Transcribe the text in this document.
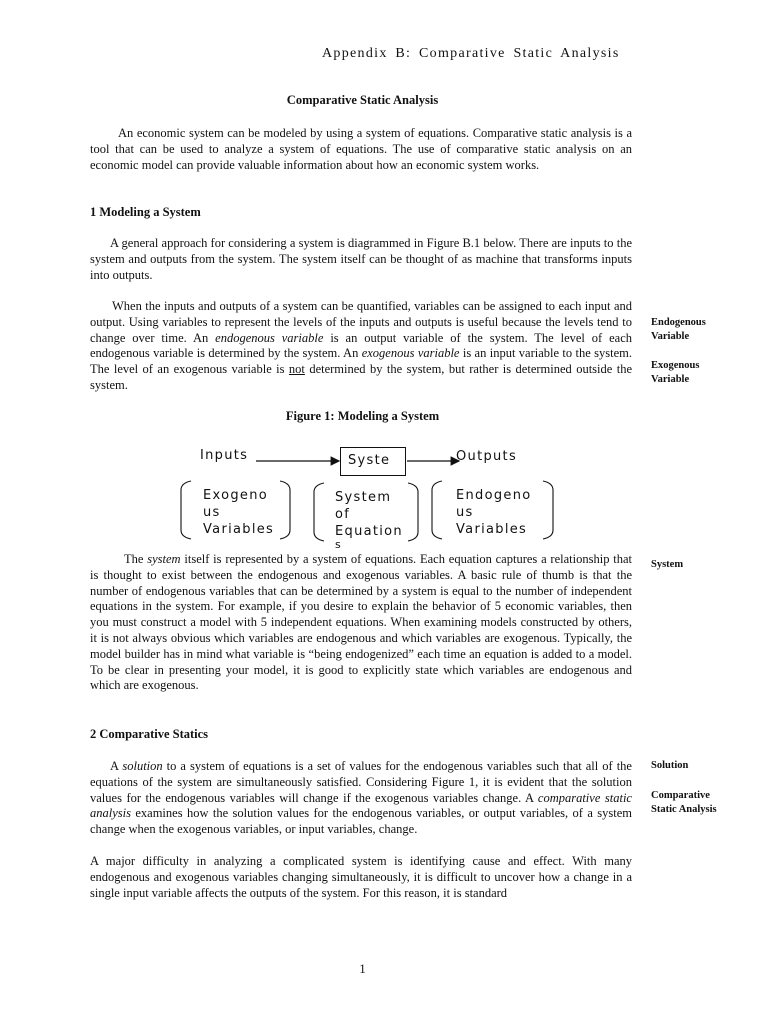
Appendix B: Comparative Static Analysis
Comparative Static Analysis

An economic system can be modeled by using a system of equations. Comparative static analysis is a tool that can be used to analyze a system of equations. The use of comparative static analysis on an economic model can provide valuable information about how an economic system works.

1 Modeling a System

A general approach for considering a system is diagrammed in Figure B.1 below. There are inputs to the system and outputs from the system. The system itself can be thought of as machine that transforms inputs into outputs.

When the inputs and outputs of a system can be quantified, variables can be assigned to each input and output. Using variables to represent the levels of the inputs and outputs is useful because the levels tend to change over time. An endogenous variable is an output variable of the system. The level of each endogenous variable is determined by the system. An exogenous variable is an input variable to the system. The level of an exogenous variable is not determined by the system, but rather is determined outside the system.

Endogenous
Variable
Exogenous
Variable
Figure 1: Modeling a System
Inputs	Syste	Outputs
Exogeno
us
Variables
System
of
Equation
s
Endogeno
us
Variables

The system itself is represented by a system of equations. Each equation captures a relationship that is thought to exist between the endogenous and exogenous variables. A basic rule of thumb is that the number of endogenous variables that can be determined by a system is equal to the number of independent equations in the system. For example, if you desire to explain the behavior of 5 economic variables, then you must construct a model with 5 independent equations. When examining models constructed by others, it is not always obvious which variables are endogenous and which variables are exogenous. Typically, the model builder has in mind what variable is “being endogenized” each time an equation is added to a model. To be clear in presenting your model, it is good to explicitly state which variables are endogenous and which are exogenous.

System
2 Comparative Statics

A solution to a system of equations is a set of values for the endogenous variables such that all of the equations of the system are simultaneously satisfied. Considering Figure 1, it is evident that the solution values for the endogenous variables will change if the exogenous variables change. A comparative static analysis examines how the solution values for the endogenous variables, or output variables, of a system change when the exogenous variables, or input variables, change.

Solution
Comparative
Static Analysis

A major difficulty in analyzing a complicated system is identifying cause and effect. With many endogenous and exogenous variables changing simultaneously, it is difficult to uncover how a change in a single input variable affects the outputs of the system. For this reason, it is standard

1
